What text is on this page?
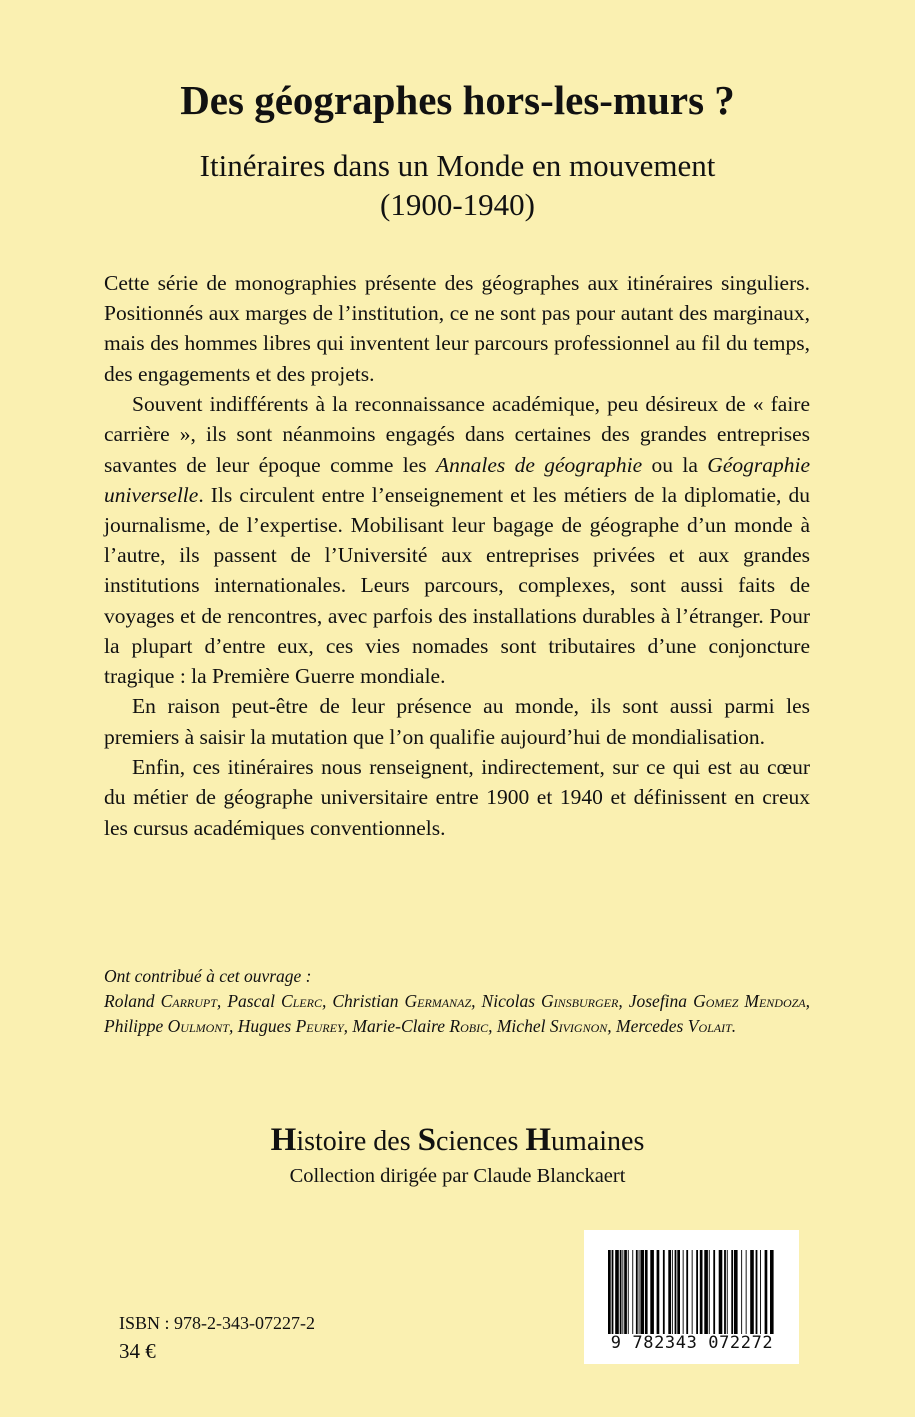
Des géographes hors-les-murs ?
Itinéraires dans un Monde en mouvement
(1900-1940)

Cette série de monographies présente des géographes aux itinéraires singuliers. Positionnés aux marges de l’institution, ce ne sont pas pour autant des marginaux, mais des hommes libres qui inventent leur parcours professionnel au fil du temps, des engagements et des projets.

Souvent indifférents à la reconnaissance académique, peu désireux de « faire carrière », ils sont néanmoins engagés dans certaines des grandes entreprises savantes de leur époque comme les Annales de géographie ou la Géographie universelle. Ils circulent entre l’enseignement et les métiers de la diplomatie, du journalisme, de l’expertise. Mobilisant leur bagage de géographe d’un monde à l’autre, ils passent de l’Université aux entreprises privées et aux grandes institutions internationales. Leurs parcours, complexes, sont aussi faits de voyages et de rencontres, avec parfois des installations durables à l’étranger. Pour la plupart d’entre eux, ces vies nomades sont tributaires d’une conjoncture tragique : la Première Guerre mondiale.

En raison peut-être de leur présence au monde, ils sont aussi parmi les premiers à saisir la mutation que l’on qualifie aujourd’hui de mondialisation.

Enfin, ces itinéraires nous renseignent, indirectement, sur ce qui est au cœur du métier de géographe universitaire entre 1900 et 1940 et définissent en creux les cursus académiques conventionnels.

Ont contribué à cet ouvrage :
Roland Carrupt, Pascal Clerc, Christian Germanaz, Nicolas Ginsburger, Josefina Gomez Mendoza, Philippe Oulmont, Hugues Peurey, Marie-Claire Robic, Michel Sivignon, Mercedes Volait.
Histoire des Sciences Humaines
Collection dirigée par Claude Blanckaert
ISBN : 978-2-343-07227-2
34 €	9 782343 072272
